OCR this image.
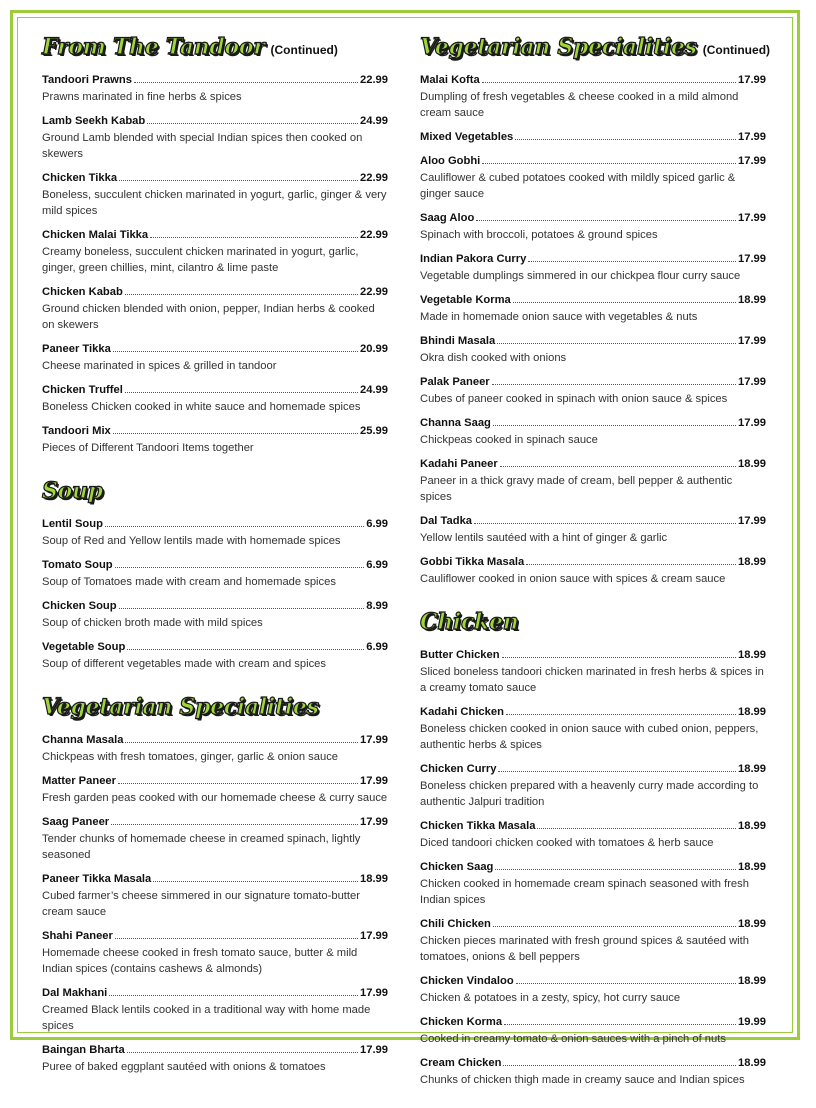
From The Tandoor (Continued)
Tandoori Prawns	22.99
Prawns marinated in fine herbs & spices
Lamb Seekh Kabab	24.99
Ground Lamb blended with special Indian spices then cooked on skewers
Chicken Tikka	22.99
Boneless, succulent chicken marinated in yogurt, garlic, ginger & very mild spices
Chicken Malai Tikka	22.99
Creamy boneless, succulent chicken marinated in yogurt, garlic, ginger, green chillies, mint, cilantro & lime paste
Chicken Kabab	22.99
Ground chicken blended with onion, pepper, Indian herbs & cooked on skewers
Paneer Tikka	20.99
Cheese marinated in spices & grilled in tandoor
Chicken Truffel	24.99
Boneless Chicken cooked in white sauce and homemade spices
Tandoori Mix	25.99
Pieces of Different Tandoori Items together
Soup
Lentil Soup	6.99
Soup of Red and Yellow lentils made with homemade spices
Tomato Soup	6.99
Soup of Tomatoes made with cream and homemade spices
Chicken Soup	8.99
Soup of chicken broth made with mild spices
Vegetable Soup	6.99
Soup of different vegetables made with cream and spices
Vegetarian Specialities
Channa Masala	17.99
Chickpeas with fresh tomatoes, ginger, garlic & onion sauce
Matter Paneer	17.99
Fresh garden peas cooked with our homemade cheese & curry sauce
Saag Paneer	17.99
Tender chunks of homemade cheese in creamed spinach, lightly seasoned
Paneer Tikka Masala	18.99
Cubed farmer’s cheese simmered in our signature tomato-butter cream sauce
Shahi Paneer	17.99
Homemade cheese cooked in fresh tomato sauce, butter & mild Indian spices (contains cashews & almonds)
Dal Makhani	17.99
Creamed Black lentils cooked in a traditional way with home made spices
Baingan Bharta	17.99
Puree of baked eggplant sautéed with onions & tomatoes
Vegetarian Specialities (Continued)
Malai Kofta	17.99
Dumpling of fresh vegetables & cheese cooked in a mild almond cream sauce
Mixed Vegetables	17.99
Aloo Gobhi	17.99
Cauliflower & cubed potatoes cooked with mildly spiced garlic & ginger sauce
Saag Aloo	17.99
Spinach with broccoli, potatoes & ground spices
Indian Pakora Curry	17.99
Vegetable dumplings simmered in our chickpea flour curry sauce
Vegetable Korma	18.99
Made in homemade onion sauce with vegetables & nuts
Bhindi Masala	17.99
Okra dish cooked with onions
Palak Paneer	17.99
Cubes of paneer cooked in spinach with onion sauce & spices
Channa Saag	17.99
Chickpeas cooked in spinach sauce
Kadahi Paneer	18.99
Paneer in a thick gravy made of cream, bell pepper & authentic spices
Dal Tadka	17.99
Yellow lentils sautéed with a hint of ginger & garlic
Gobbi Tikka Masala	18.99
Cauliflower cooked in onion sauce with spices & cream sauce
Chicken
Butter Chicken	18.99
Sliced boneless tandoori chicken marinated in fresh herbs & spices in a creamy tomato sauce
Kadahi Chicken	18.99
Boneless chicken cooked in onion sauce with cubed onion, peppers, authentic herbs & spices
Chicken Curry	18.99
Boneless chicken prepared with a heavenly curry made according to authentic Jalpuri tradition
Chicken Tikka Masala	18.99
Diced tandoori chicken cooked with tomatoes & herb sauce
Chicken Saag	18.99
Chicken cooked in homemade cream spinach seasoned with fresh Indian spices
Chili Chicken	18.99
Chicken pieces marinated with fresh ground spices & sautéed with tomatoes, onions & bell peppers
Chicken Vindaloo	18.99
Chicken & potatoes in a zesty, spicy, hot curry sauce
Chicken Korma	19.99
Cooked in creamy tomato & onion sauces with a pinch of nuts
Cream Chicken	18.99
Chunks of chicken thigh made in creamy sauce and Indian spices
